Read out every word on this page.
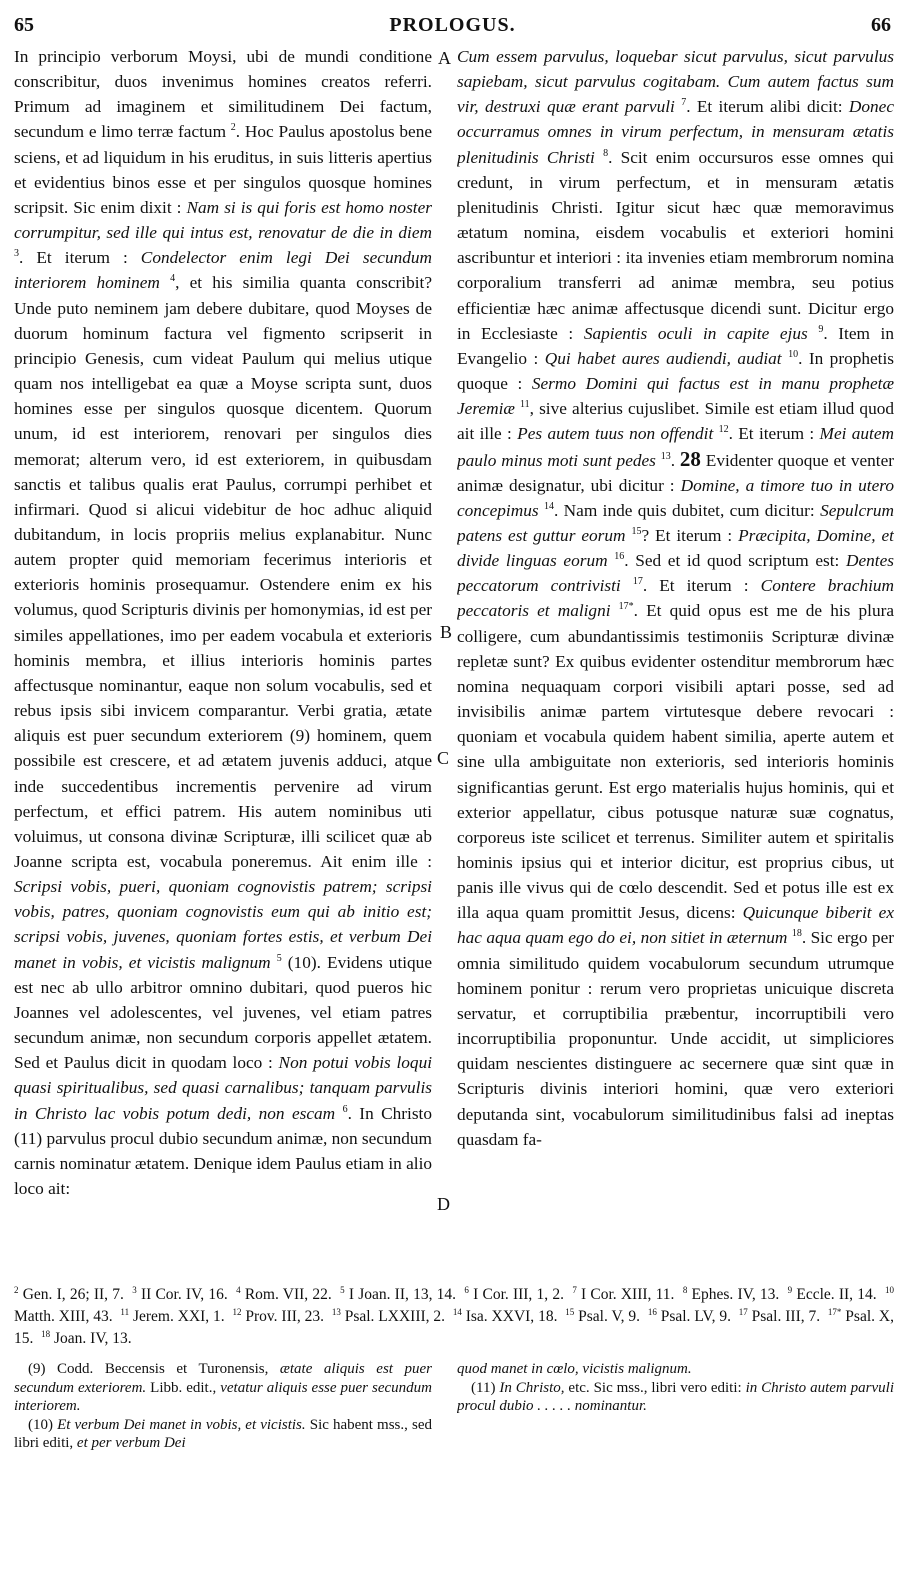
65	PROLOGUS.	66
In principio verborum Moysi, ubi de mundi conditione conscribitur, duos invenimus homines creatos referri. Primum ad imaginem et similitudinem Dei factum, secundum e limo terræ factum $^2$. Hoc Paulus apostolus bene sciens, et ad liquidum in his eruditus, in suis litteris apertius et evidentius binos esse et per singulos quosque homines scripsit. Sic enim dixit : Nam si is qui foris est homo noster corrumpitur, sed ille qui intus est, renovatur de die in diem $^3$. Et iterum : Condelector enim legi Dei secundum interiorem hominem $^4$, et his similia quanta conscribit? Unde puto neminem jam debere dubitare, quod Moyses de duorum hominum factura vel figmento scripserit in principio Genesis, cum videat Paulum qui melius utique quam nos intelligebat ea quæ a Moyse scripta sunt, duos homines esse per singulos quosque dicentem. Quorum unum, id est interiorem, renovari per singulos dies memorat; alterum vero, id est exteriorem, in quibusdam sanctis et talibus qualis erat Paulus, corrumpi perhibet et infirmari. Quod si alicui videbitur de hoc adhuc aliquid dubitandum, in locis propriis melius explanabitur. Nunc autem propter quid memoriam fecerimus interioris et exterioris hominis prosequamur. Ostendere enim ex his volumus, quod Scripturis divinis per homonymias, id est per similes appellationes, imo per eadem vocabula et exterioris hominis membra, et illius interioris hominis partes affectusque nominantur, eaque non solum vocabulis, sed et rebus ipsis sibi invicem comparantur. Verbi gratia, ætate aliquis est puer secundum exteriorem (9) hominem, quem possibile est crescere, et ad ætatem juvenis adduci, atque inde succedentibus incrementis pervenire ad virum perfectum, et effici patrem. His autem nominibus uti voluimus, ut consona divinæ Scripturæ, illi scilicet quæ ab Joanne scripta est, vocabula poneremus. Ait enim ille : Scripsi vobis, pueri, quoniam cognovistis patrem; scripsi vobis, patres, quoniam cognovistis eum qui ab initio est; scripsi vobis, juvenes, quoniam fortes estis, et verbum Dei manet in vobis, et vicistis malignum $^5$ (10). Evidens utique est nec ab ullo arbitror omnino dubitari, quod pueros hic Joannes vel adolescentes, vel juvenes, vel etiam patres secundum animæ, non secundum corporis appellet ætatem. Sed et Paulus dicit in quodam loco : Non potui vobis loqui quasi spiritualibus, sed quasi carnalibus; tanquam parvulis in Christo lac vobis potum dedi, non escam $^6$. In Christo (11) parvulus procul dubio secundum animæ, non secundum carnis nominatur ætatem. Denique idem Paulus etiam in alio loco ait:
A
B
C
D
Cum essem parvulus, loquebar sicut parvulus, sicut parvulus sapiebam, sicut parvulus cogitabam. Cum autem factus sum vir, destruxi quæ erant parvuli $^7$. Et iterum alibi dicit: Donec occurramus omnes in virum perfectum, in mensuram ætatis plenitudinis Christi $^8$. Scit enim occursuros esse omnes qui credunt, in virum perfectum, et in mensuram ætatis plenitudinis Christi. Igitur sicut hæc quæ memoravimus ætatum nomina, eisdem vocabulis et exteriori homini ascribuntur et interiori : ita invenies etiam membrorum nomina corporalium transferri ad animæ membra, seu potius efficientiæ hæc animæ affectusque dicendi sunt. Dicitur ergo in Ecclesiaste : Sapientis oculi in capite ejus $^9$. Item in Evangelio : Qui habet aures audiendi, audiat $^{10}$. In prophetis quoque : Sermo Domini qui factus est in manu prophetæ Jeremiæ $^{11}$, sive alterius cujuslibet. Simile est etiam illud quod ait ille : Pes autem tuus non offendit $^{12}$. Et iterum : Mei autem paulo minus moti sunt pedes $^{13}$. 28 Evidenter quoque et venter animæ designatur, ubi dicitur : Domine, a timore tuo in utero concepimus $^{14}$. Nam inde quis dubitet, cum dicitur: Sepulcrum patens est guttur eorum $^{15}$? Et iterum : Præcipita, Domine, et divide linguas eorum $^{16}$. Sed et id quod scriptum est: Dentes peccatorum contrivisti $^{17}$. Et iterum : Contere brachium peccatoris et maligni $^{17*}$. Et quid opus est me de his plura colligere, cum abundantissimis testimoniis Scripturæ divinæ repletæ sunt? Ex quibus evidenter ostenditur membrorum hæc nomina nequaquam corpori visibili aptari posse, sed ad invisibilis animæ partem virtutesque debere revocari : quoniam et vocabula quidem habent similia, aperte autem et sine ulla ambiguitate non exterioris, sed interioris hominis significantias gerunt. Est ergo materialis hujus hominis, qui et exterior appellatur, cibus potusque naturæ suæ cognatus, corporeus iste scilicet et terrenus. Similiter autem et spiritalis hominis ipsius qui et interior dicitur, est proprius cibus, ut panis ille vivus qui de cœlo descendit. Sed et potus ille est ex illa aqua quam promittit Jesus, dicens: Quicunque biberit ex hac aqua quam ego do ei, non sitiet in æternum $^{18}$. Sic ergo per omnia similitudo quidem vocabulorum secundum utrumque hominem ponitur : rerum vero proprietas unicuique discreta servatur, et corruptibilia præbentur, incorruptibili vero incorruptibilia proponuntur. Unde accidit, ut simpliciores quidam nescientes distinguere ac secernere quæ sint quæ in Scripturis divinis interiori homini, quæ vero exteriori deputanda sint, vocabulorum similitudinibus falsi ad ineptas quasdam fa-
$^2$ Gen. I, 26; II, 7.  $^3$ II Cor. IV, 16.  $^4$ Rom. VII, 22.  $^5$ I Joan. II, 13, 14.  $^6$ I Cor. III, 1, 2.  $^7$ I Cor. XIII, 11.  $^8$ Ephes. IV, 13.  $^9$ Eccle. II, 14.  $^{10}$ Matth. XIII, 43.  $^{11}$ Jerem. XXI, 1.  $^{12}$ Prov. III, 23.  $^{13}$ Psal. LXXIII, 2.  $^{14}$ Isa. XXVI, 18.  $^{15}$ Psal. V, 9.  $^{16}$ Psal. LV, 9.  $^{17}$ Psal. III, 7.  $^{17*}$ Psal. X, 15.  $^{18}$ Joan. IV, 13.

(9) Codd. Beccensis et Turonensis, ætate aliquis est puer secundum exteriorem. Libb. edit., vetatur aliquis esse puer secundum interiorem.

(10) Et verbum Dei manet in vobis, et vicistis. Sic habent mss., sed libri editi, et per verbum Dei

quod manet in cœlo, vicistis malignum.

(11) In Christo, etc. Sic mss., libri vero editi: in Christo autem parvuli procul dubio . . . . . nominantur.
